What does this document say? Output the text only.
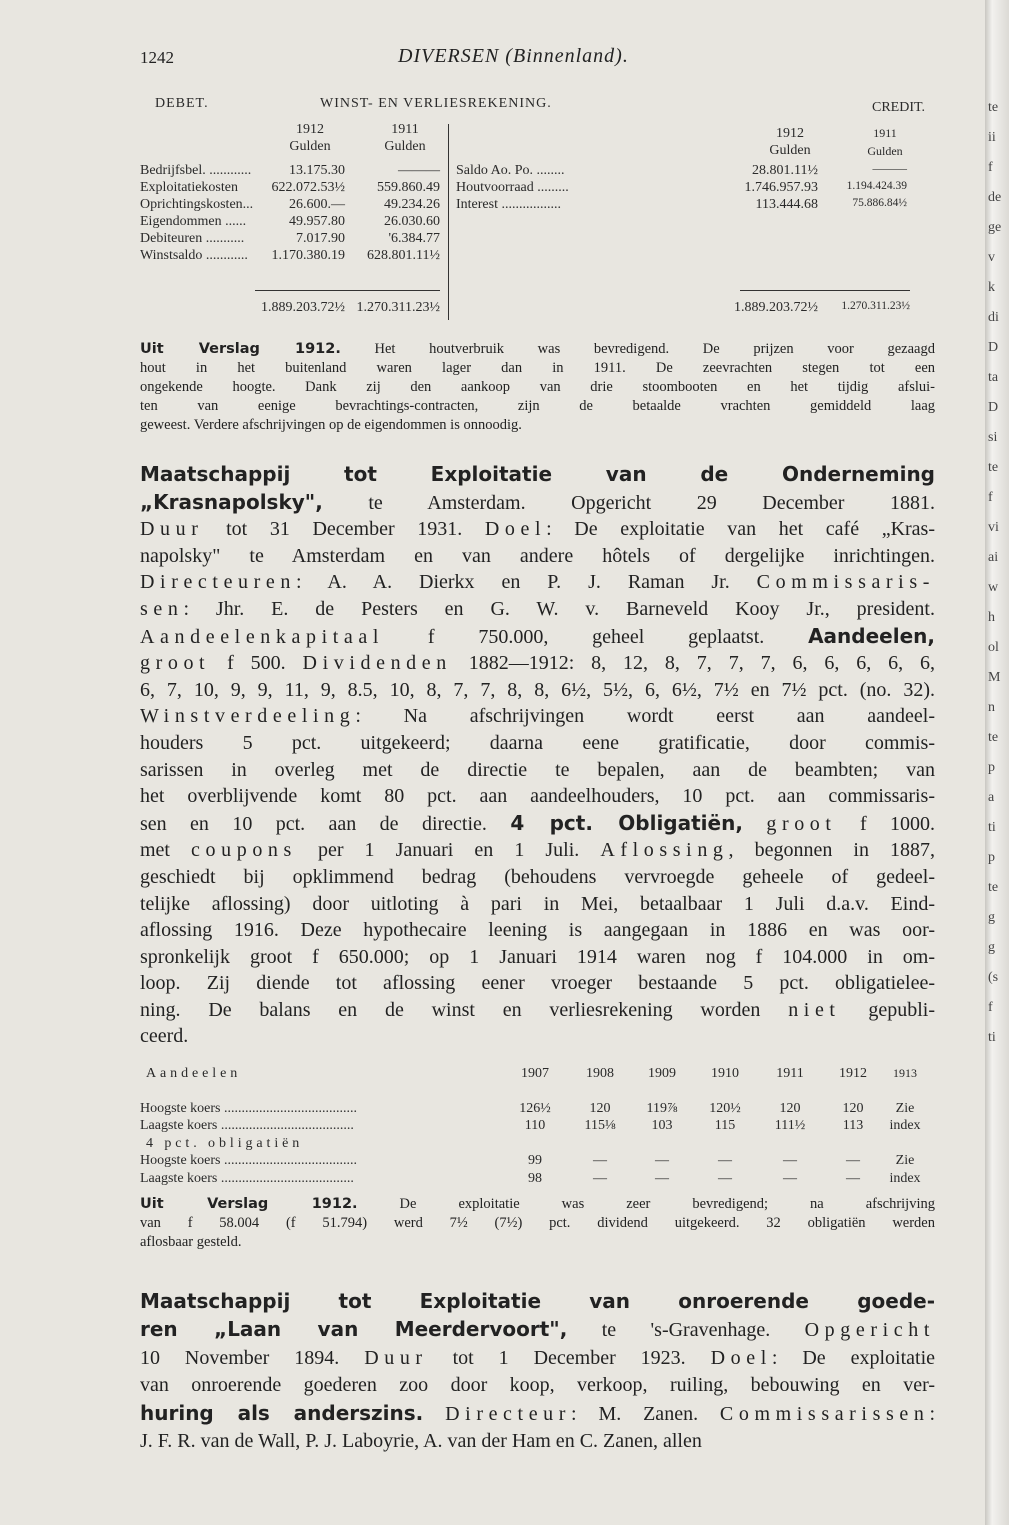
te
ii
f
de
ge
v
k
di
D
ta
D
si
te
f
vi
ai
w
h
ol
M
n
te
p
a
ti
p
te
g
g
(s
f
ti
1242	DIVERSEN (Binnenland).
DEBET.	WINST- EN VERLIESREKENING.	CREDIT.
1912	1911
Gulden	Gulden
1912	1911
Gulden	Gulden
Bedrijfsbel. ............	13.175.30	———
Exploitatiekosten	622.072.53½	559.860.49
Oprichtingskosten...	26.600.—	49.234.26
Eigendommen ......	49.957.80	26.030.60
Debiteuren ...........	7.017.90	'6.384.77
Winstsaldo ............	1.170.380.19	628.801.11½
Saldo Ao. Po. ........	28.801.11½	———
Houtvoorraad .........	1.746.957.93	1.194.424.39
Interest .................	113.444.68	75.886.84½
1.889.203.72½ 1.270.311.23½	1.889.203.72½	1.270.311.23½
Uit Verslag 1912. Het houtverbruik was bevredigend. De prijzen voor gezaagd
hout in het buitenland waren lager dan in 1911. De zeevrachten stegen tot een
ongekende hoogte. Dank zij den aankoop van drie stoombooten en het tijdig afslui-
ten van eenige bevrachtings-contracten, zijn de betaalde vrachten gemiddeld laag
geweest. Verdere afschrijvingen op de eigendommen is onnoodig.
Maatschappij tot Exploitatie van de Onderneming
„Krasnapolsky", te Amsterdam. Opgericht 29 December 1881.
Duur tot 31 December 1931. Doel: De exploitatie van het café „Kras-
napolsky" te Amsterdam en van andere hôtels of dergelijke inrichtingen.
Directeuren: A. A. Dierkx en P. J. Raman Jr. Commissaris-
sen: Jhr. E. de Pesters en G. W. v. Barneveld Kooy Jr., president.
Aandeelenkapitaal f 750.000, geheel geplaatst. Aandeelen,
groot f 500. Dividenden 1882—1912: 8, 12, 8, 7, 7, 7, 6, 6, 6, 6, 6,
6, 7, 10, 9, 9, 11, 9, 8.5, 10, 8, 7, 7, 8, 8, 6½, 5½, 6, 6½, 7½ en 7½ pct. (no. 32).
Winstverdeeling: Na afschrijvingen wordt eerst aan aandeel-
houders 5 pct. uitgekeerd; daarna eene gratificatie, door commis-
sarissen in overleg met de directie te bepalen, aan de beambten; van
het overblijvende komt 80 pct. aan aandeelhouders, 10 pct. aan commissaris-
sen en 10 pct. aan de directie. 4 pct. Obligatiën, groot f 1000.
met coupons per 1 Januari en 1 Juli. Aflossing, begonnen in 1887,
geschiedt bij opklimmend bedrag (behoudens vervroegde geheele of gedeel-
telijke aflossing) door uitloting à pari in Mei, betaalbaar 1 Juli d.a.v. Eind-
aflossing 1916. Deze hypothecaire leening is aangegaan in 1886 en was oor-
spronkelijk groot f 650.000; op 1 Januari 1914 waren nog f 104.000 in om-
loop. Zij diende tot aflossing eener vroeger bestaande 5 pct. obligatielee-
ning. De balans en de winst en verliesrekening worden niet gepubli-
ceerd.
1907	1908	1909	1910	1911	1912	1913
Aandeelen
Hoogste koers ......................................	126½	120	119⅞	120½	120	120	Zie
Laagste koers ......................................	110	115⅛	103	115	111½	113	index
4 pct. obligatiën
Hoogste koers ......................................	99	—	—	—	—	—	Zie
Laagste koers ......................................	98	—	—	—	—	—	index
Uit Verslag 1912. De exploitatie was zeer bevredigend; na afschrijving
van f 58.004 (f 51.794) werd 7½ (7½) pct. dividend uitgekeerd. 32 obligatiën werden
aflosbaar gesteld.
Maatschappij tot Exploitatie van onroerende goede-
ren „Laan van Meerdervoort", te 's-Gravenhage. Opgericht
10 November 1894. Duur tot 1 December 1923. Doel: De exploitatie
van onroerende goederen zoo door koop, verkoop, ruiling, bebouwing en ver-
huring als anderszins. Directeur: M. Zanen. Commissarissen:
J. F. R. van de Wall, P. J. Laboyrie, A. van der Ham en C. Zanen, allen
